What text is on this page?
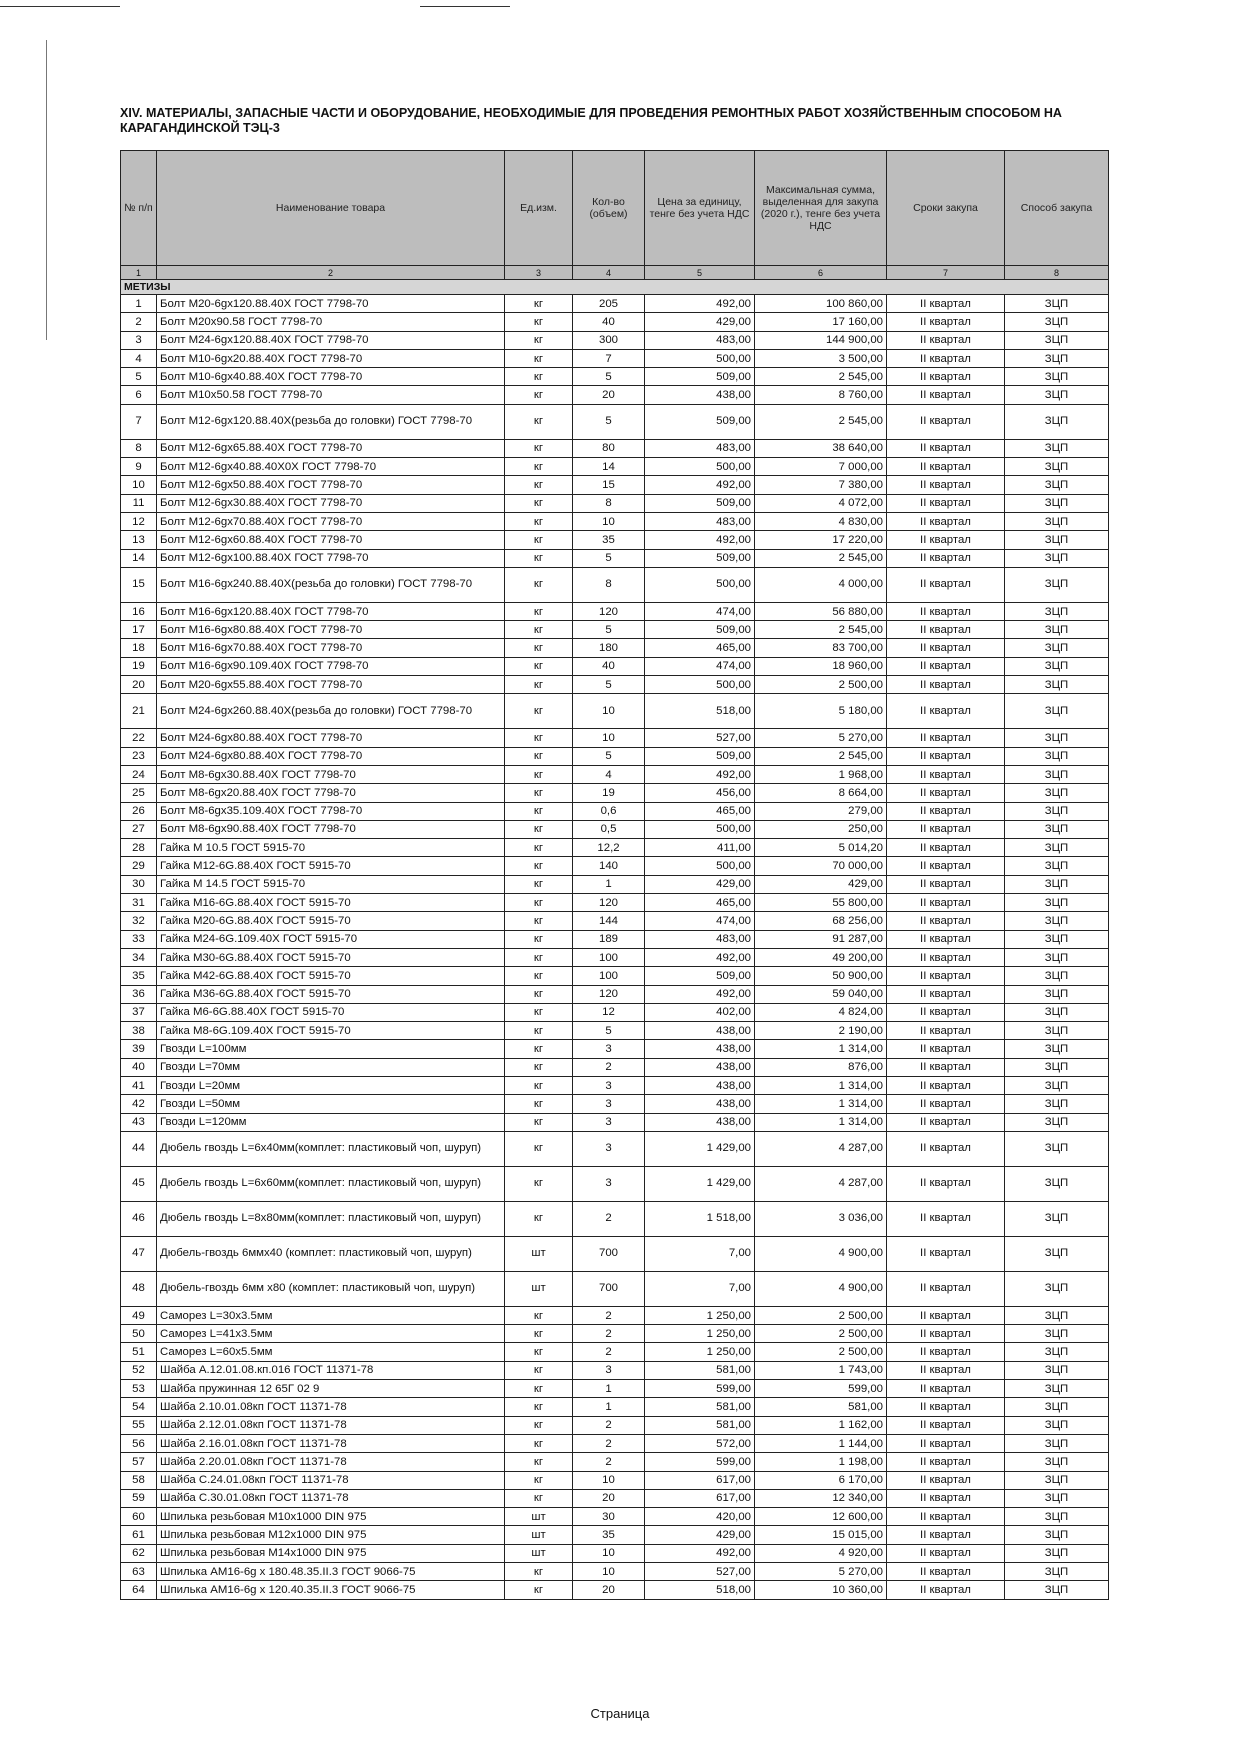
XIV. МАТЕРИАЛЫ, ЗАПАСНЫЕ ЧАСТИ И ОБОРУДОВАНИЕ, НЕОБХОДИМЫЕ ДЛЯ ПРОВЕДЕНИЯ РЕМОНТНЫХ РАБОТ ХОЗЯЙСТВЕННЫМ СПОСОБОМ НА КАРАГАНДИНСКОЙ ТЭЦ-3
№ п/п	Наименование товара	Ед.изм.	Кол-во (объем)	Цена за единицу, тенге без учета НДС	Максимальная сумма, выделенная для закупа (2020 г.), тенге без учета НДС	Сроки закупа	Способ закупа
1	2	3	4	5	6	7	8
МЕТИЗЫ							
1	Болт М20-6gх120.88.40Х ГОСТ 7798-70	кг	205	492,00	100 860,00	II квартал	ЗЦП
2	Болт М20х90.58 ГОСТ 7798-70	кг	40	429,00	17 160,00	II квартал	ЗЦП
3	Болт М24-6gх120.88.40Х ГОСТ 7798-70	кг	300	483,00	144 900,00	II квартал	ЗЦП
4	Болт М10-6gх20.88.40Х ГОСТ 7798-70	кг	7	500,00	3 500,00	II квартал	ЗЦП
5	Болт М10-6gх40.88.40Х ГОСТ 7798-70	кг	5	509,00	2 545,00	II квартал	ЗЦП
6	Болт М10х50.58 ГОСТ 7798-70	кг	20	438,00	8 760,00	II квартал	ЗЦП
7	Болт М12-6gх120.88.40Х(резьба до головки) ГОСТ 7798-70	кг	5	509,00	2 545,00	II квартал	ЗЦП
8	Болт М12-6gх65.88.40Х ГОСТ 7798-70	кг	80	483,00	38 640,00	II квартал	ЗЦП
9	Болт М12-6gх40.88.40Х0Х ГОСТ 7798-70	кг	14	500,00	7 000,00	II квартал	ЗЦП
10	Болт М12-6gх50.88.40Х ГОСТ 7798-70	кг	15	492,00	7 380,00	II квартал	ЗЦП
11	Болт М12-6gх30.88.40Х ГОСТ 7798-70	кг	8	509,00	4 072,00	II квартал	ЗЦП
12	Болт М12-6gх70.88.40Х ГОСТ 7798-70	кг	10	483,00	4 830,00	II квартал	ЗЦП
13	Болт М12-6gх60.88.40Х ГОСТ 7798-70	кг	35	492,00	17 220,00	II квартал	ЗЦП
14	Болт М12-6gх100.88.40Х ГОСТ 7798-70	кг	5	509,00	2 545,00	II квартал	ЗЦП
15	Болт М16-6gх240.88.40Х(резьба до головки) ГОСТ 7798-70	кг	8	500,00	4 000,00	II квартал	ЗЦП
16	Болт М16-6gх120.88.40Х ГОСТ 7798-70	кг	120	474,00	56 880,00	II квартал	ЗЦП
17	Болт М16-6gх80.88.40Х ГОСТ 7798-70	кг	5	509,00	2 545,00	II квартал	ЗЦП
18	Болт М16-6gх70.88.40Х ГОСТ 7798-70	кг	180	465,00	83 700,00	II квартал	ЗЦП
19	Болт М16-6gх90.109.40Х ГОСТ 7798-70	кг	40	474,00	18 960,00	II квартал	ЗЦП
20	Болт М20-6gх55.88.40Х ГОСТ 7798-70	кг	5	500,00	2 500,00	II квартал	ЗЦП
21	Болт М24-6gх260.88.40Х(резьба до головки) ГОСТ 7798-70	кг	10	518,00	5 180,00	II квартал	ЗЦП
22	Болт М24-6gх80.88.40Х ГОСТ 7798-70	кг	10	527,00	5 270,00	II квартал	ЗЦП
23	Болт М24-6gх80.88.40Х ГОСТ 7798-70	кг	5	509,00	2 545,00	II квартал	ЗЦП
24	Болт М8-6gх30.88.40Х ГОСТ 7798-70	кг	4	492,00	1 968,00	II квартал	ЗЦП
25	Болт М8-6gх20.88.40Х ГОСТ 7798-70	кг	19	456,00	8 664,00	II квартал	ЗЦП
26	Болт М8-6gх35.109.40Х ГОСТ 7798-70	кг	0,6	465,00	279,00	II квартал	ЗЦП
27	Болт М8-6gх90.88.40Х ГОСТ 7798-70	кг	0,5	500,00	250,00	II квартал	ЗЦП
28	Гайка М 10.5 ГОСТ 5915-70	кг	12,2	411,00	5 014,20	II квартал	ЗЦП
29	Гайка М12-6G.88.40Х ГОСТ 5915-70	кг	140	500,00	70 000,00	II квартал	ЗЦП
30	Гайка М 14.5 ГОСТ 5915-70	кг	1	429,00	429,00	II квартал	ЗЦП
31	Гайка М16-6G.88.40Х ГОСТ 5915-70	кг	120	465,00	55 800,00	II квартал	ЗЦП
32	Гайка М20-6G.88.40Х ГОСТ 5915-70	кг	144	474,00	68 256,00	II квартал	ЗЦП
33	Гайка М24-6G.109.40Х ГОСТ 5915-70	кг	189	483,00	91 287,00	II квартал	ЗЦП
34	Гайка М30-6G.88.40Х ГОСТ 5915-70	кг	100	492,00	49 200,00	II квартал	ЗЦП
35	Гайка М42-6G.88.40Х ГОСТ 5915-70	кг	100	509,00	50 900,00	II квартал	ЗЦП
36	Гайка М36-6G.88.40Х ГОСТ 5915-70	кг	120	492,00	59 040,00	II квартал	ЗЦП
37	Гайка М6-6G.88.40Х ГОСТ 5915-70	кг	12	402,00	4 824,00	II квартал	ЗЦП
38	Гайка М8-6G.109.40Х ГОСТ 5915-70	кг	5	438,00	2 190,00	II квартал	ЗЦП
39	Гвозди L=100мм	кг	3	438,00	1 314,00	II квартал	ЗЦП
40	Гвозди L=70мм	кг	2	438,00	876,00	II квартал	ЗЦП
41	Гвозди L=20мм	кг	3	438,00	1 314,00	II квартал	ЗЦП
42	Гвозди L=50мм	кг	3	438,00	1 314,00	II квартал	ЗЦП
43	Гвозди L=120мм	кг	3	438,00	1 314,00	II квартал	ЗЦП
44	Дюбель гвоздь L=6х40мм(комплет: пластиковый чоп, шуруп)	кг	3	1 429,00	4 287,00	II квартал	ЗЦП
45	Дюбель гвоздь L=6х60мм(комплет: пластиковый чоп, шуруп)	кг	3	1 429,00	4 287,00	II квартал	ЗЦП
46	Дюбель гвоздь L=8х80мм(комплет: пластиковый чоп, шуруп)	кг	2	1 518,00	3 036,00	II квартал	ЗЦП
47	Дюбель-гвоздь 6ммх40 (комплет: пластиковый чоп, шуруп)	шт	700	7,00	4 900,00	II квартал	ЗЦП
48	Дюбель-гвоздь 6мм х80 (комплет: пластиковый чоп, шуруп)	шт	700	7,00	4 900,00	II квартал	ЗЦП
49	Саморез L=30х3.5мм	кг	2	1 250,00	2 500,00	II квартал	ЗЦП
50	Саморез L=41х3.5мм	кг	2	1 250,00	2 500,00	II квартал	ЗЦП
51	Саморез L=60х5.5мм	кг	2	1 250,00	2 500,00	II квартал	ЗЦП
52	Шайба А.12.01.08.кп.016 ГОСТ 11371-78	кг	3	581,00	1 743,00	II квартал	ЗЦП
53	Шайба пружинная 12 65Г 02 9	кг	1	599,00	599,00	II квартал	ЗЦП
54	Шайба 2.10.01.08кп ГОСТ 11371-78	кг	1	581,00	581,00	II квартал	ЗЦП
55	Шайба 2.12.01.08кп ГОСТ 11371-78	кг	2	581,00	1 162,00	II квартал	ЗЦП
56	Шайба 2.16.01.08кп ГОСТ 11371-78	кг	2	572,00	1 144,00	II квартал	ЗЦП
57	Шайба 2.20.01.08кп ГОСТ 11371-78	кг	2	599,00	1 198,00	II квартал	ЗЦП
58	Шайба С.24.01.08кп ГОСТ 11371-78	кг	10	617,00	6 170,00	II квартал	ЗЦП
59	Шайба С.30.01.08кп ГОСТ 11371-78	кг	20	617,00	12 340,00	II квартал	ЗЦП
60	Шпилька резьбовая М10х1000 DIN 975	шт	30	420,00	12 600,00	II квартал	ЗЦП
61	Шпилька резьбовая М12х1000 DIN 975	шт	35	429,00	15 015,00	II квартал	ЗЦП
62	Шпилька резьбовая М14х1000 DIN 975	шт	10	492,00	4 920,00	II квартал	ЗЦП
63	Шпилька АМ16-6g х 180.48.35.II.3 ГОСТ 9066-75	кг	10	527,00	5 270,00	II квартал	ЗЦП
64	Шпилька АМ16-6g х 120.40.35.II.3 ГОСТ 9066-75	кг	20	518,00	10 360,00	II квартал	ЗЦП
Страница
